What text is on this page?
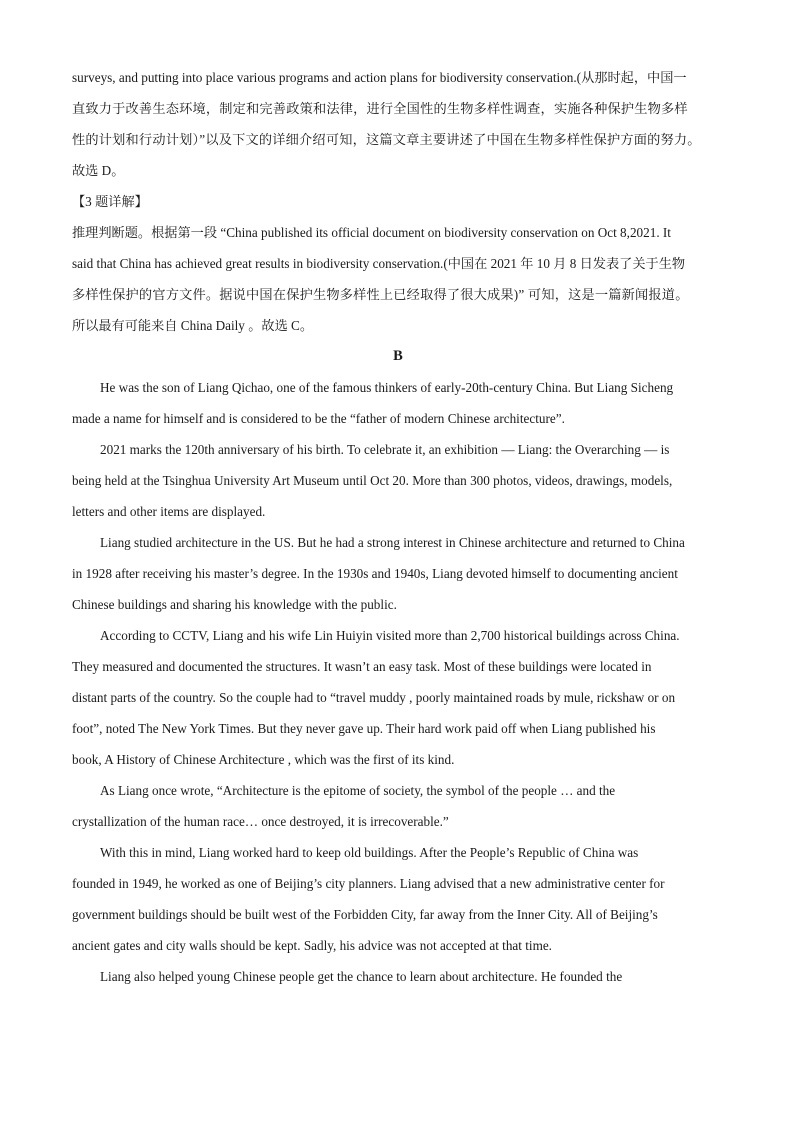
surveys, and putting into place various programs and action plans for biodiversity conservation.(从那时起，中国一

直致力于改善生态环境，制定和完善政策和法律，进行全国性的生物多样性调查，实施各种保护生物多样

性的计划和行动计划）”以及下文的详细介绍可知，这篇文章主要讲述了中国在生物多样性保护方面的努力。

故选 D。

【3 题详解】

推理判断题。根据第一段 “China published its official document on biodiversity conservation on Oct 8,2021. It

said that China has achieved great results in biodiversity conservation.(中国在 2021 年 10 月 8 日发表了关于生物

多样性保护的官方文件。据说中国在保护生物多样性上已经取得了很大成果)” 可知，这是一篇新闻报道。

所以最有可能来自 China Daily 。故选 C。

B

He was the son of Liang Qichao, one of the famous thinkers of early-20th-century China. But Liang Sicheng

made a name for himself and is considered to be the “father of modern Chinese architecture”.

2021 marks the 120th anniversary of his birth. To celebrate it, an exhibition — Liang: the Overarching — is

being held at the Tsinghua University Art Museum until Oct 20. More than 300 photos, videos, drawings, models,

letters and other items are displayed.

Liang studied architecture in the US. But he had a strong interest in Chinese architecture and returned to China

in 1928 after receiving his master’s degree. In the 1930s and 1940s, Liang devoted himself to documenting ancient

Chinese buildings and sharing his knowledge with the public.

According to CCTV, Liang and his wife Lin Huiyin visited more than 2,700 historical buildings across China.

They measured and documented the structures. It wasn’t an easy task. Most of these buildings were located in

distant parts of the country. So the couple had to “travel muddy , poorly maintained roads by mule, rickshaw or on

foot”, noted The New York Times. But they never gave up. Their hard work paid off when Liang published his

book, A History of Chinese Architecture , which was the first of its kind.

As Liang once wrote, “Architecture is the epitome of society, the symbol of the people … and the

crystallization of the human race… once destroyed, it is irrecoverable.”

With this in mind, Liang worked hard to keep old buildings. After the People’s Republic of China was

founded in 1949, he worked as one of Beijing’s city planners. Liang advised that a new administrative center for

government buildings should be built west of the Forbidden City, far away from the Inner City. All of Beijing’s

ancient gates and city walls should be kept. Sadly, his advice was not accepted at that time.

Liang also helped young Chinese people get the chance to learn about architecture. He founded the
